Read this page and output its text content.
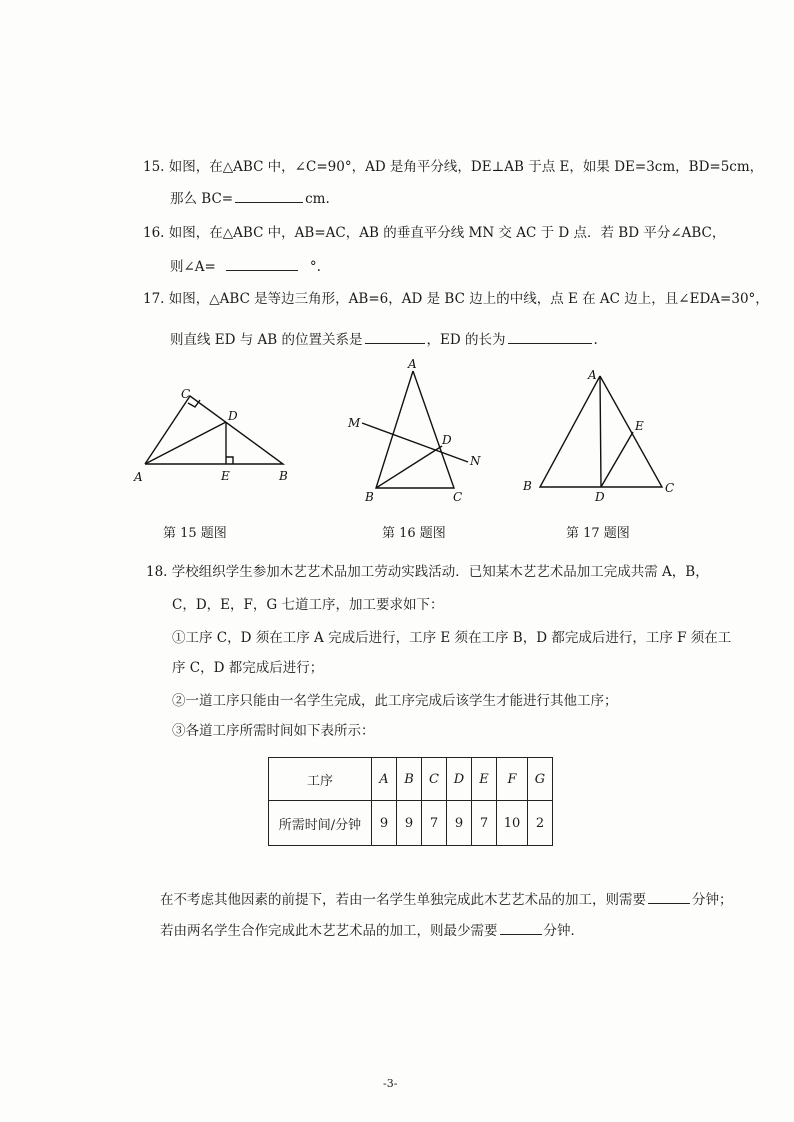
15. 如图，在△ABC 中，∠C=90°，AD 是角平分线，DE⊥AB 于点 E，如果 DE=3cm，BD=5cm，
那么 BC=	cm.
16. 如图，在△ABC 中，AB=AC，AB 的垂直平分线 MN 交 AC 于 D 点．若 BD 平分∠ABC，
则∠A=	°.
17. 如图，△ABC 是等边三角形，AB=6，AD 是 BC 边上的中线，点 E 在 AC 边上，且∠EDA=30°，
则直线 ED 与 AB 的位置关系是	，ED 的长为	.
A	B
C
D
E
第 15 题图
A
B	C
D
M
N
第 16 题图
A
B	C
D
E
第 17 题图
18. 学校组织学生参加木艺艺术品加工劳动实践活动．已知某木艺艺术品加工完成共需 A，B，
C，D，E，F，G 七道工序，加工要求如下：
①工序 C，D 须在工序 A 完成后进行，工序 E 须在工序 B，D 都完成后进行，工序 F 须在工
序 C，D 都完成后进行；
②一道工序只能由一名学生完成，此工序完成后该学生才能进行其他工序；
③各道工序所需时间如下表所示：
工序	A	B	C	D	E	F	G
所需时间/分钟	9	9	7	9	7	10	2
在不考虑其他因素的前提下，若由一名学生单独完成此木艺艺术品的加工，则需要	分钟；
若由两名学生合作完成此木艺艺术品的加工，则最少需要	分钟．
-3-
